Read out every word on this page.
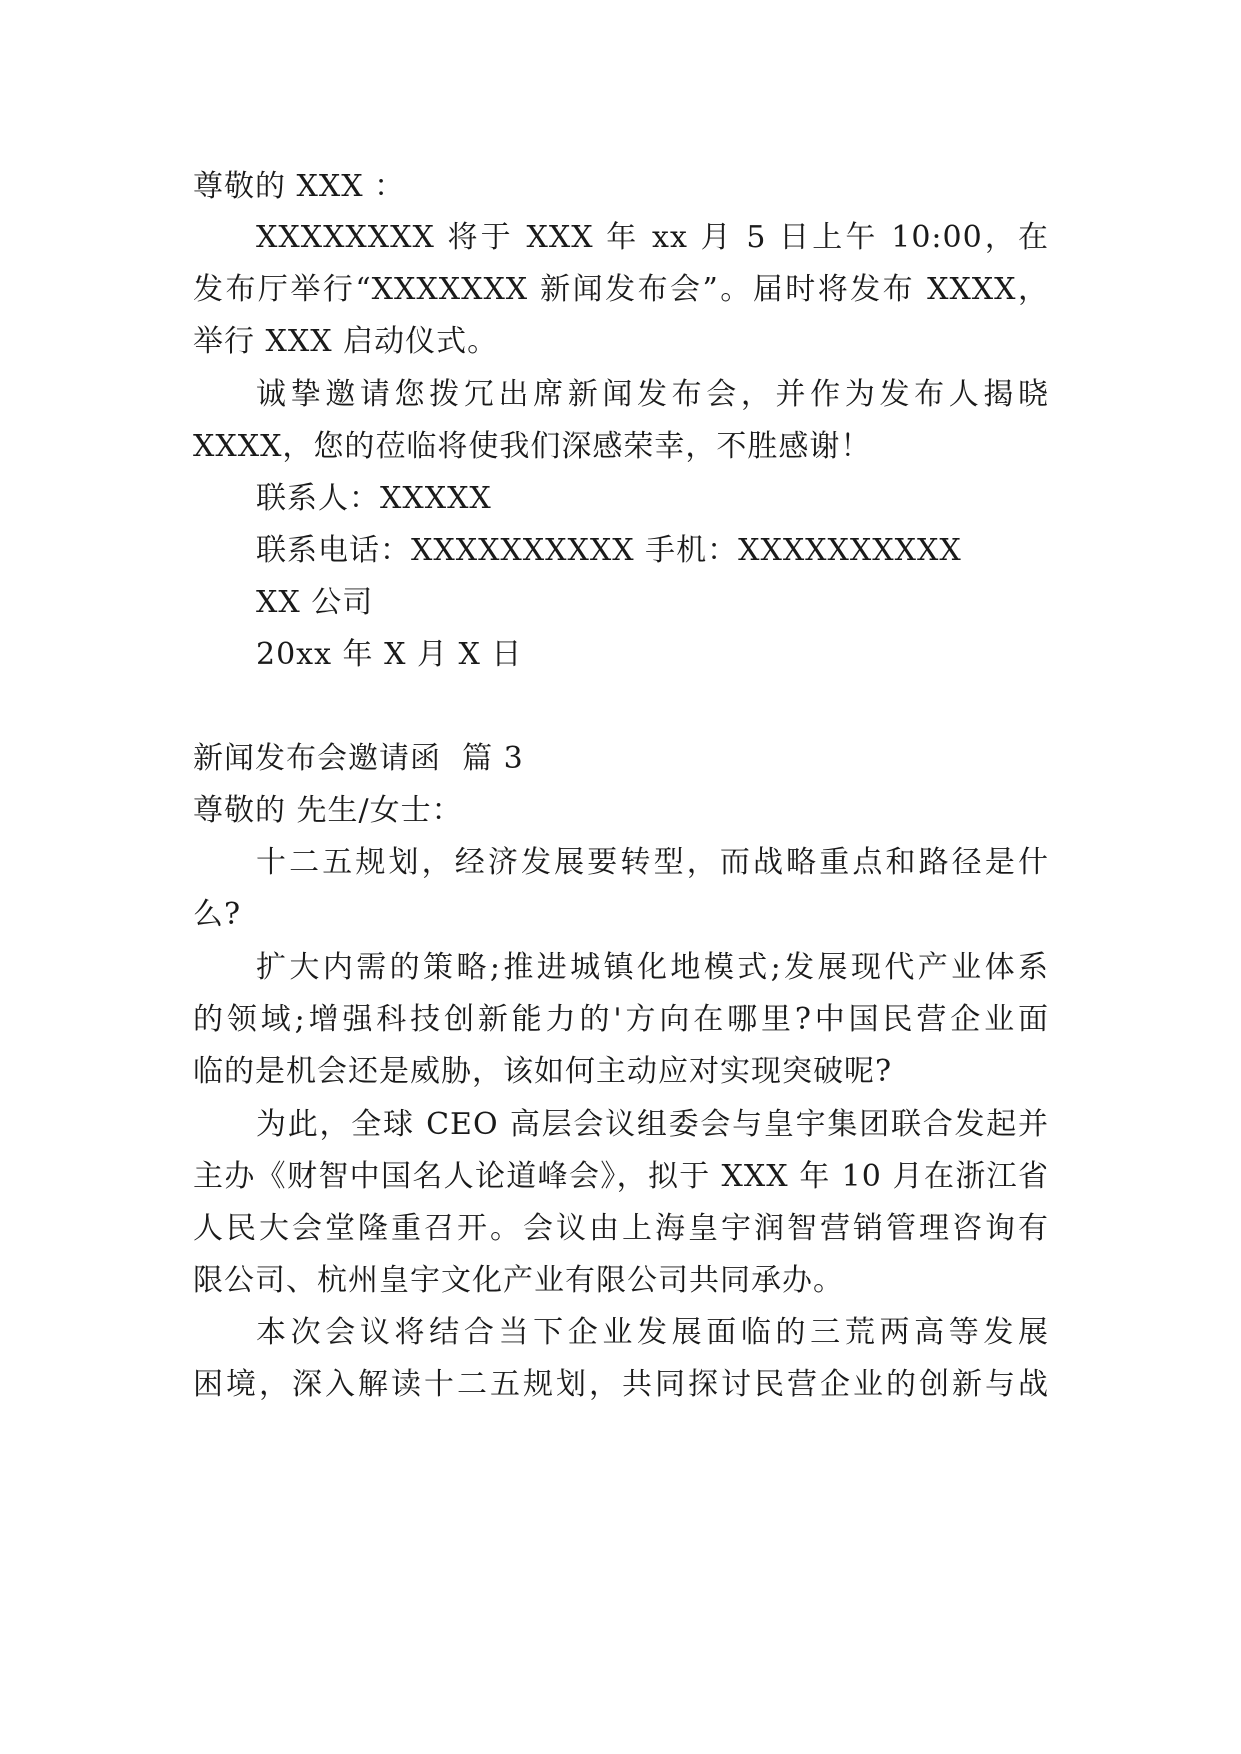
尊敬的 XXX ：
XXXXXXXX 将于 XXX 年 xx 月 5 日上午 10:00，在
发布厅举行“XXXXXXX 新闻发布会”。届时将发布 XXXX，
举行 XXX 启动仪式。
诚挚邀请您拨冗出席新闻发布会，并作为发布人揭晓
XXXX，您的莅临将使我们深感荣幸，不胜感谢！
联系人：XXXXX
联系电话：XXXXXXXXXX 手机：XXXXXXXXXX
XX 公司
20xx 年 X 月 X 日
新闻发布会邀请函  篇 3
尊敬的 先生/女士：
十二五规划，经济发展要转型，而战略重点和路径是什
么?
扩大内需的策略;推进城镇化地模式;发展现代产业体系
的领域;增强科技创新能力的'方向在哪里?中国民营企业面
临的是机会还是威胁，该如何主动应对实现突破呢?
为此，全球 CEO 高层会议组委会与皇宇集团联合发起并
主办《财智中国名人论道峰会》，拟于 XXX 年 10 月在浙江省
人民大会堂隆重召开。会议由上海皇宇润智营销管理咨询有
限公司、杭州皇宇文化产业有限公司共同承办。
本次会议将结合当下企业发展面临的三荒两高等发展
困境，深入解读十二五规划，共同探讨民营企业的创新与战
